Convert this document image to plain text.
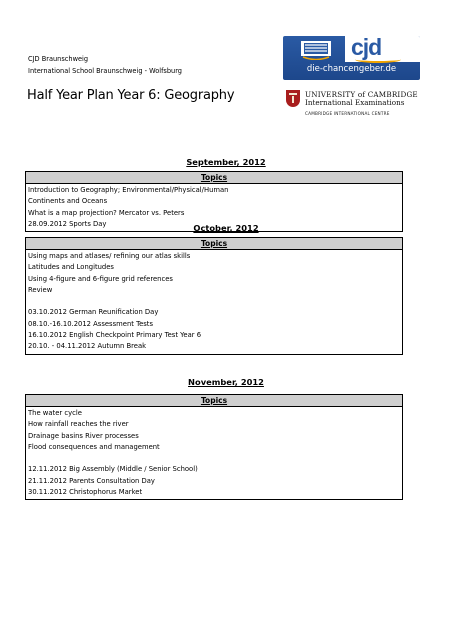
CJD Braunschweig
International School Braunschweig - Wolfsburg
cjd
die-chancengeber.de
UNIVERSITY of CAMBRIDGE
International Examinations
CAMBRIDGE INTERNATIONAL CENTRE
Half Year Plan Year 6: Geography
September, 2012
Topics
Introduction to Geography; Environmental/Physical/Human
Continents and Oceans
What is a map projection? Mercator vs. Peters
28.09.2012 Sports Day	October, 2012
Topics
Using maps and atlases/ refining our atlas skills
Latitudes and Longitudes
Using 4-figure and 6-figure grid references
Review
03.10.2012 German Reunification Day
08.10.-16.10.2012 Assessment Tests
16.10.2012 English Checkpoint Primary Test Year 6
20.10. - 04.11.2012 Autumn Break
November, 2012
Topics
The water cycle
How rainfall reaches the river
Drainage basins River processes
Flood consequences and management
12.11.2012 Big Assembly (Middle / Senior School)
21.11.2012 Parents Consultation Day
30.11.2012 Christophorus Market
